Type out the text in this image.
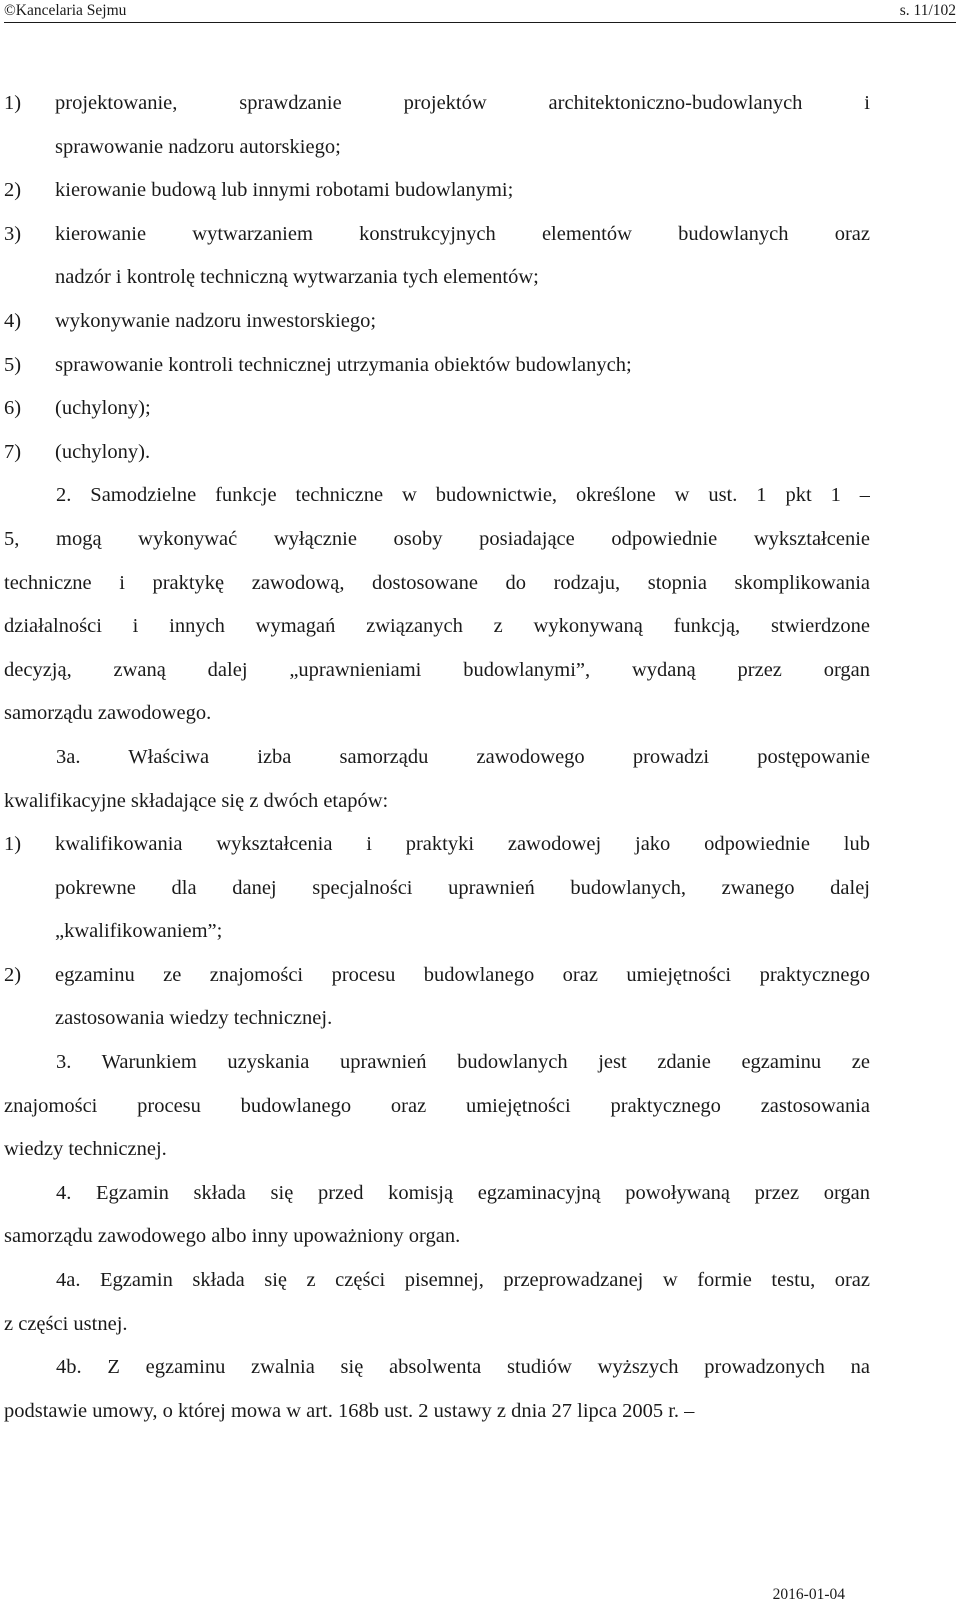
©Kancelaria Sejmu	s. 11/102
1) projektowanie, sprawdzanie projektów architektoniczno-budowlanych i
sprawowanie nadzoru autorskiego;
2) kierowanie budową lub innymi robotami budowlanymi;
3) kierowanie wytwarzaniem konstrukcyjnych elementów budowlanych oraz
nadzór i kontrolę techniczną wytwarzania tych elementów;
4) wykonywanie nadzoru inwestorskiego;
5) sprawowanie kontroli technicznej utrzymania obiektów budowlanych;
6) (uchylony);
7) (uchylony).
2. Samodzielne funkcje techniczne w budownictwie, określone w ust. 1 pkt 1 –
5, mogą wykonywać wyłącznie osoby posiadające odpowiednie wykształcenie
techniczne i praktykę zawodową, dostosowane do rodzaju, stopnia skomplikowania
działalności i innych wymagań związanych z wykonywaną funkcją, stwierdzone
decyzją, zwaną dalej „uprawnieniami budowlanymi”, wydaną przez organ
samorządu zawodowego.
3a. Właściwa izba samorządu zawodowego prowadzi postępowanie
kwalifikacyjne składające się z dwóch etapów:
1) kwalifikowania wykształcenia i praktyki zawodowej jako odpowiednie lub
pokrewne dla danej specjalności uprawnień budowlanych, zwanego dalej
„kwalifikowaniem”;
2) egzaminu ze znajomości procesu budowlanego oraz umiejętności praktycznego
zastosowania wiedzy technicznej.
3. Warunkiem uzyskania uprawnień budowlanych jest zdanie egzaminu ze
znajomości procesu budowlanego oraz umiejętności praktycznego zastosowania
wiedzy technicznej.
4. Egzamin składa się przed komisją egzaminacyjną powoływaną przez organ
samorządu zawodowego albo inny upoważniony organ.
4a. Egzamin składa się z części pisemnej, przeprowadzanej w formie testu, oraz
z części ustnej.
4b. Z egzaminu zwalnia się absolwenta studiów wyższych prowadzonych na
podstawie umowy, o której mowa w art. 168b ust. 2 ustawy z dnia 27 lipca 2005 r. –
2016-01-04
